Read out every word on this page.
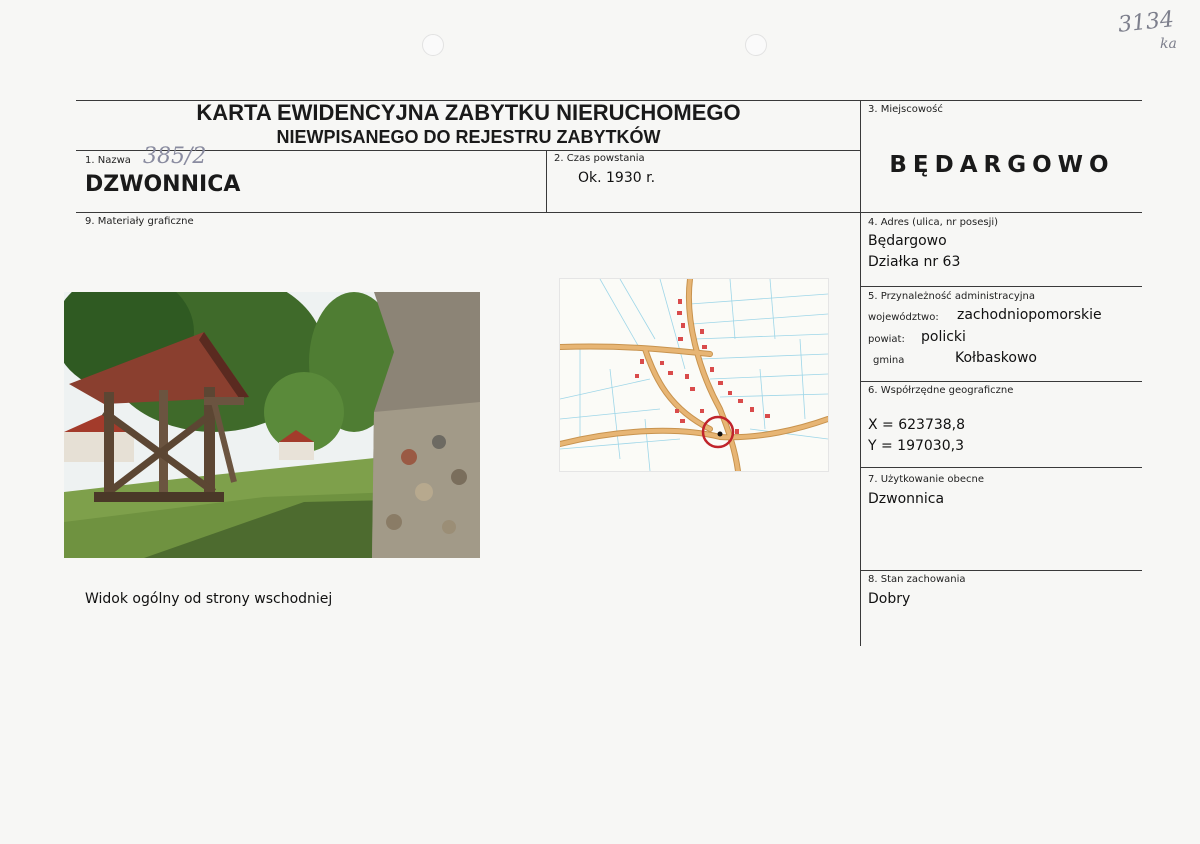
3134
ka
KARTA EWIDENCYJNA ZABYTKU NIERUCHOMEGO
NIEWPISANEGO DO REJESTRU ZABYTKÓW
1. Nazwa 385/2
DZWONNICA
2. Czas powstania
Ok. 1930 r.
3. Miejscowość
BĘDARGOWO
9. Materiały graficzne
Widok ogólny od strony wschodniej
4. Adres (ulica, nr posesji)
Będargowo
Działka nr 63
5. Przynależność administracyjna
województwo: zachodniopomorskie
powiat: policki
gmina	Kołbaskowo
6. Współrzędne geograficzne
X = 623738,8
Y = 197030,3
7. Użytkowanie obecne
Dzwonnica
8. Stan zachowania
Dobry
